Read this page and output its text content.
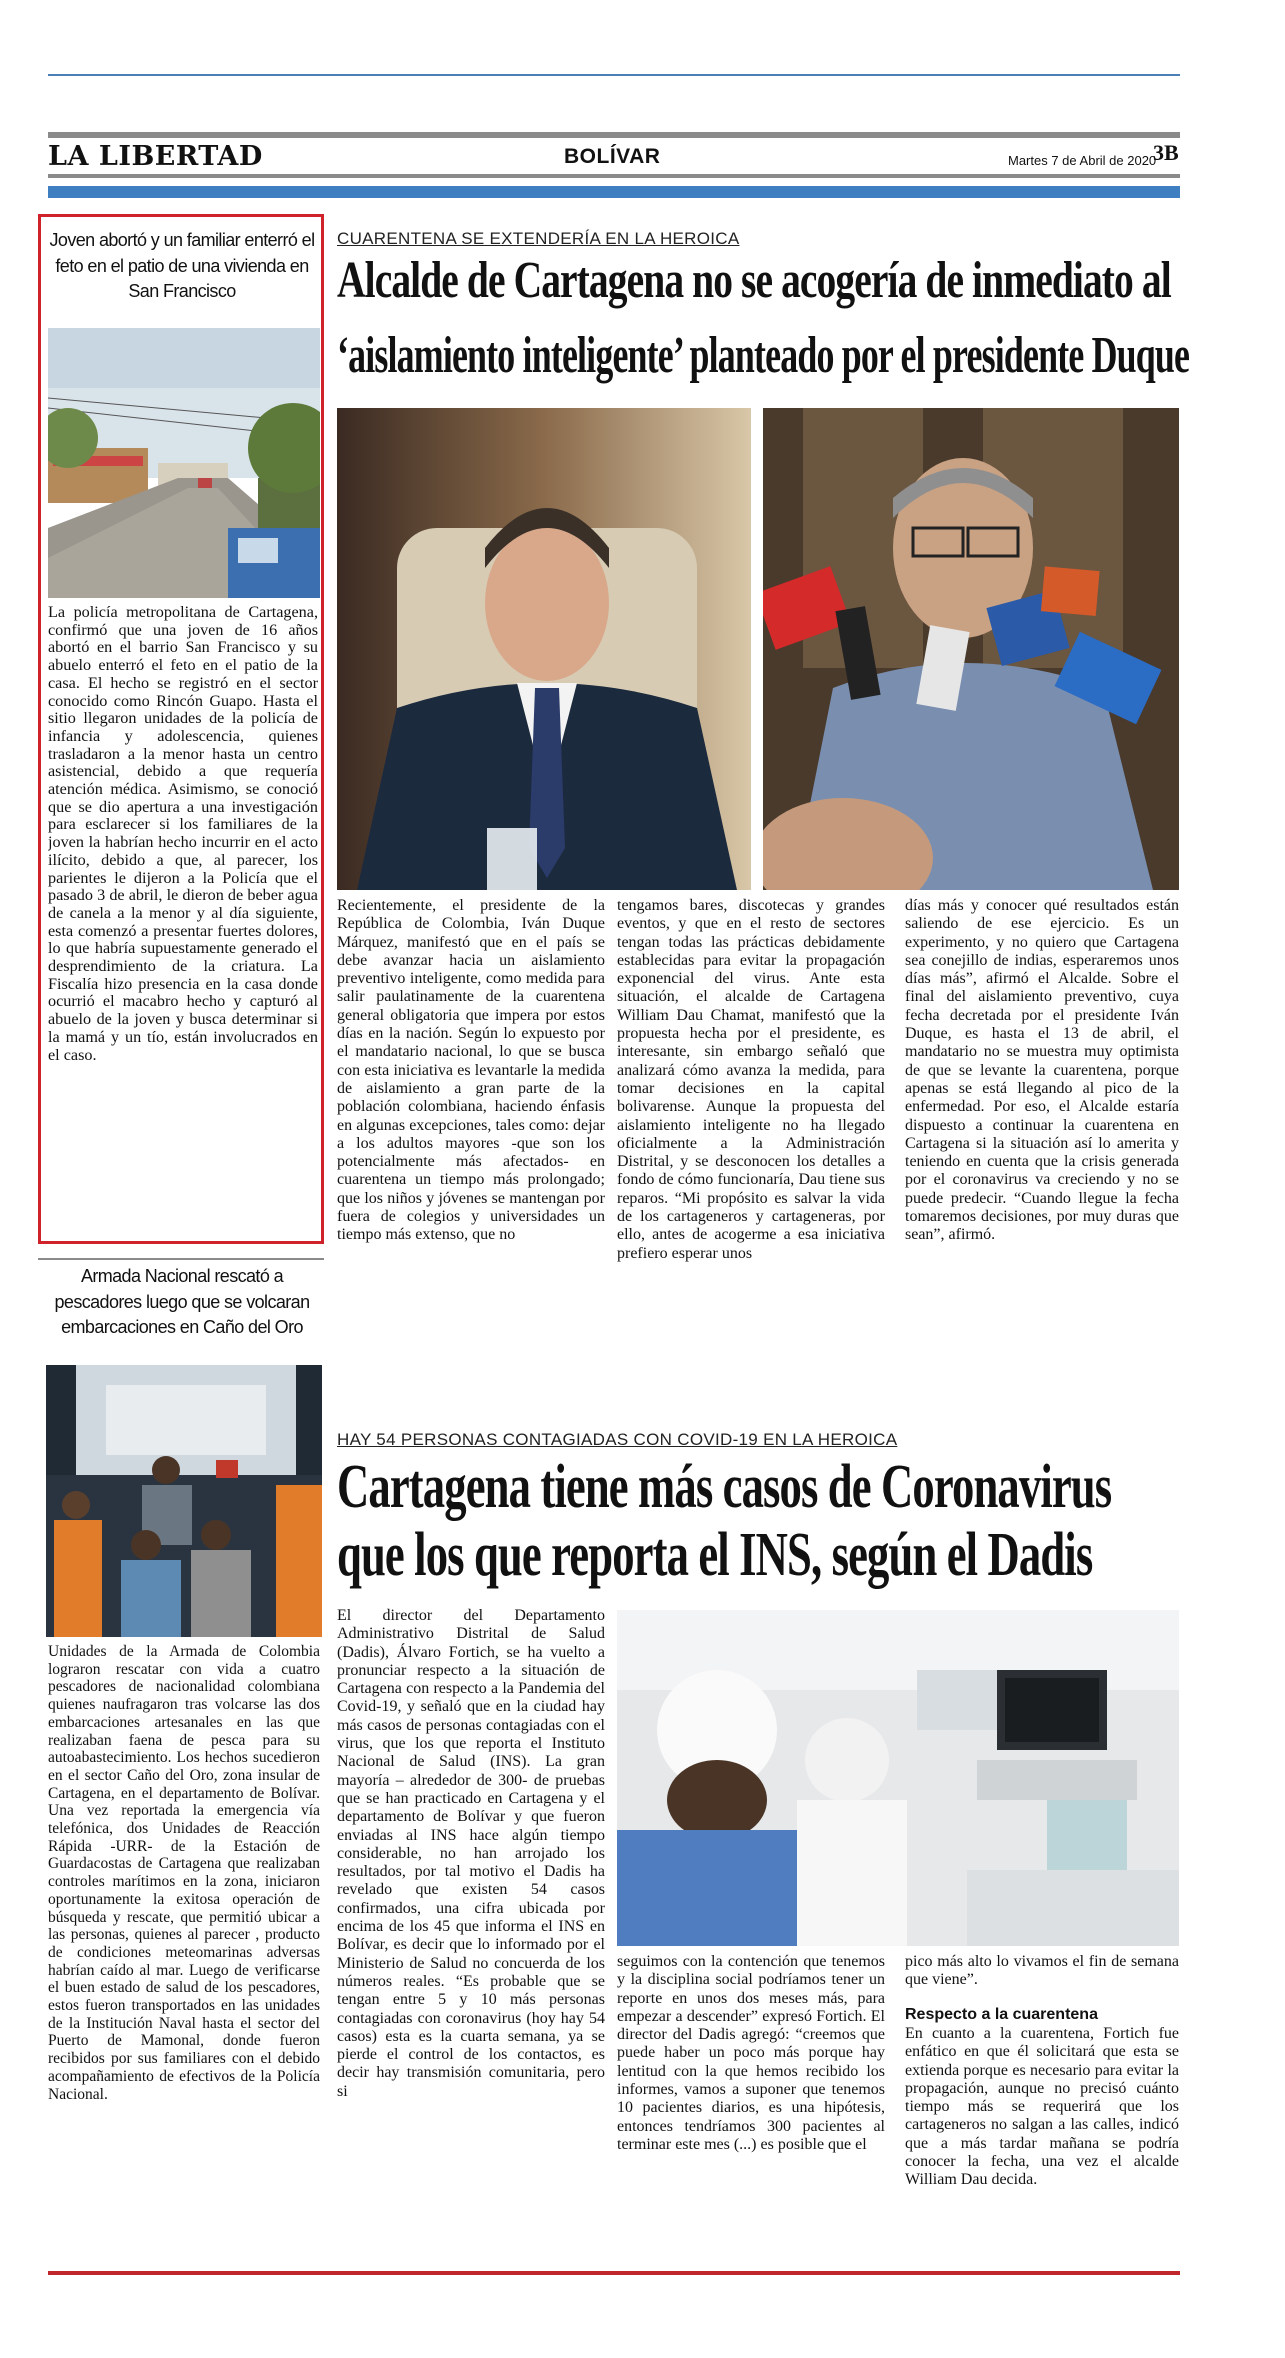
LA LIBERTAD	BOLÍVAR	Martes 7 de Abril de 2020
3B
Joven abortó y un familiar enterró el feto en el patio de una vivienda en San Francisco
La policía metropolitana de Cartagena, confirmó que una joven de 16 años abortó en el barrio San Francisco y su abuelo enterró el feto en el patio de la casa. El hecho se registró en el sector conocido como Rincón Guapo. Hasta el sitio llegaron unidades de la policía de infancia y adolescencia, quienes trasladaron a la menor hasta un centro asistencial, debido a que requería atención médica. Asimismo, se conoció que se dio apertura a una investigación para esclarecer si los familiares de la joven la habrían hecho incurrir en el acto ilícito, debido a que, al parecer, los parientes le dijeron a la Policía que el pasado 3 de abril, le dieron de beber agua de canela a la menor y al día siguiente, esta comenzó a presentar fuertes dolores, lo que habría supuestamente generado el desprendimiento de la criatura. La Fiscalía hizo presencia en la casa donde ocurrió el macabro hecho y capturó al abuelo de la joven y busca determinar si la mamá y un tío, están involucrados en el caso.
Armada Nacional rescató a pescadores luego que se volcaran embarcaciones en Caño del Oro
Unidades de la Armada de Colombia lograron rescatar con vida a cuatro pescadores de nacionalidad colombiana quienes naufragaron tras volcarse las dos embarcaciones artesanales en las que realizaban faena de pesca para su autoabastecimiento. Los hechos sucedieron en el sector Caño del Oro, zona insular de Cartagena, en el departamento de Bolívar. Una vez reportada la emergencia vía telefónica, dos Unidades de Reacción Rápida -URR- de la Estación de Guardacostas de Cartagena que realizaban controles marítimos en la zona, iniciaron oportunamente la exitosa operación de búsqueda y rescate, que permitió ubicar a las personas, quienes al parecer , producto de condiciones meteomarinas adversas habrían caído al mar. Luego de verificarse el buen estado de salud de los pescadores, estos fueron transportados en las unidades de la Institución Naval hasta el sector del Puerto de Mamonal, donde fueron recibidos por sus familiares con el debido acompañamiento de efectivos de la Policía Nacional.
CUARENTENA SE EXTENDERÍA EN LA HEROICA
Alcalde de Cartagena no se acogería de inmediato al
‘aislamiento inteligente’ planteado por el presidente Duque
Recientemente, el presidente de la República de Colombia, Iván Duque Márquez, manifestó que en el país se debe avanzar hacia un aislamiento preventivo inteligente, como medida para salir paulatinamente de la cuarentena general obligatoria que impera por estos días en la nación. Según lo expuesto por el mandatario nacional, lo que se busca con esta iniciativa es levantarle la medida de aislamiento a gran parte de la población colombiana, haciendo énfasis en algunas excepciones, tales como: dejar a los adultos mayores -que son los potencialmente más afectados- en cuarentena un tiempo más prolongado; que los niños y jóvenes se mantengan por fuera de colegios y universidades un tiempo más extenso, que no
tengamos bares, discotecas y grandes eventos, y que en el resto de sectores tengan todas las prácticas debidamente establecidas para evitar la propagación exponencial del virus. Ante esta situación, el alcalde de Cartagena William Dau Chamat, manifestó que la propuesta hecha por el presidente, es interesante, sin embargo señaló que analizará cómo avanza la medida, para tomar decisiones en la capital bolivarense. Aunque la propuesta del aislamiento inteligente no ha llegado oficialmente a la Administración Distrital, y se desconocen los detalles a fondo de cómo funcionaría, Dau tiene sus reparos. “Mi propósito es salvar la vida de los cartageneros y cartageneras, por ello, antes de acogerme a esa iniciativa prefiero esperar unos
días más y conocer qué resultados están saliendo de ese ejercicio. Es un experimento, y no quiero que Cartagena sea conejillo de indias, esperaremos unos días más”, afirmó el Alcalde. Sobre el final del aislamiento preventivo, cuya fecha decretada por el presidente Iván Duque, es hasta el 13 de abril, el mandatario no se muestra muy optimista de que se levante la cuarentena, porque apenas se está llegando al pico de la enfermedad. Por eso, el Alcalde estaría dispuesto a continuar la cuarentena en Cartagena si la situación así lo amerita y teniendo en cuenta que la crisis generada por el coronavirus va creciendo y no se puede predecir. “Cuando llegue la fecha tomaremos decisiones, por muy duras que sean”, afirmó.
HAY 54 PERSONAS CONTAGIADAS CON COVID-19 EN LA HEROICA
Cartagena tiene más casos de Coronavirus
que los que reporta el INS, según el Dadis
El director del Departamento Administrativo Distrital de Salud (Dadis), Álvaro Fortich, se ha vuelto a pronunciar respecto a la situación de Cartagena con respecto a la Pandemia del Covid-19, y señaló que en la ciudad hay más casos de personas contagiadas con el virus, que los que reporta el Instituto Nacional de Salud (INS). La gran mayoría – alrededor de 300- de pruebas que se han practicado en Cartagena y el departamento de Bolívar y que fueron enviadas al INS hace algún tiempo considerable, no han arrojado los resultados, por tal motivo el Dadis ha revelado que existen 54 casos confirmados, una cifra ubicada por encima de los 45 que informa el INS en Bolívar, es decir que lo informado por el Ministerio de Salud no concuerda de los números reales. “Es probable que se tengan entre 5 y 10 más personas contagiadas con coronavirus (hoy hay 54 casos) esta es la cuarta semana, ya se pierde el control de los contactos, es decir hay transmisión comunitaria, pero si
seguimos con la contención que tenemos y la disciplina social podríamos tener un reporte en unos dos meses más, para empezar a descender” expresó Fortich. El director del Dadis agregó: “creemos que puede haber un poco más porque hay lentitud con la que hemos recibido los informes, vamos a suponer que tenemos 10 pacientes diarios, es una hipótesis, entonces tendríamos 300 pacientes al terminar este mes (...) es posible que el
pico más alto lo vivamos el fin de semana que viene”.
Respecto a la cuarentena
En cuanto a la cuarentena, Fortich fue enfático en que él solicitará que esta se extienda porque es necesario para evitar la propagación, aunque no precisó cuánto tiempo más se requerirá que los cartageneros no salgan a las calles, indicó que a más tardar mañana se podría conocer la fecha, una vez el alcalde William Dau decida.
